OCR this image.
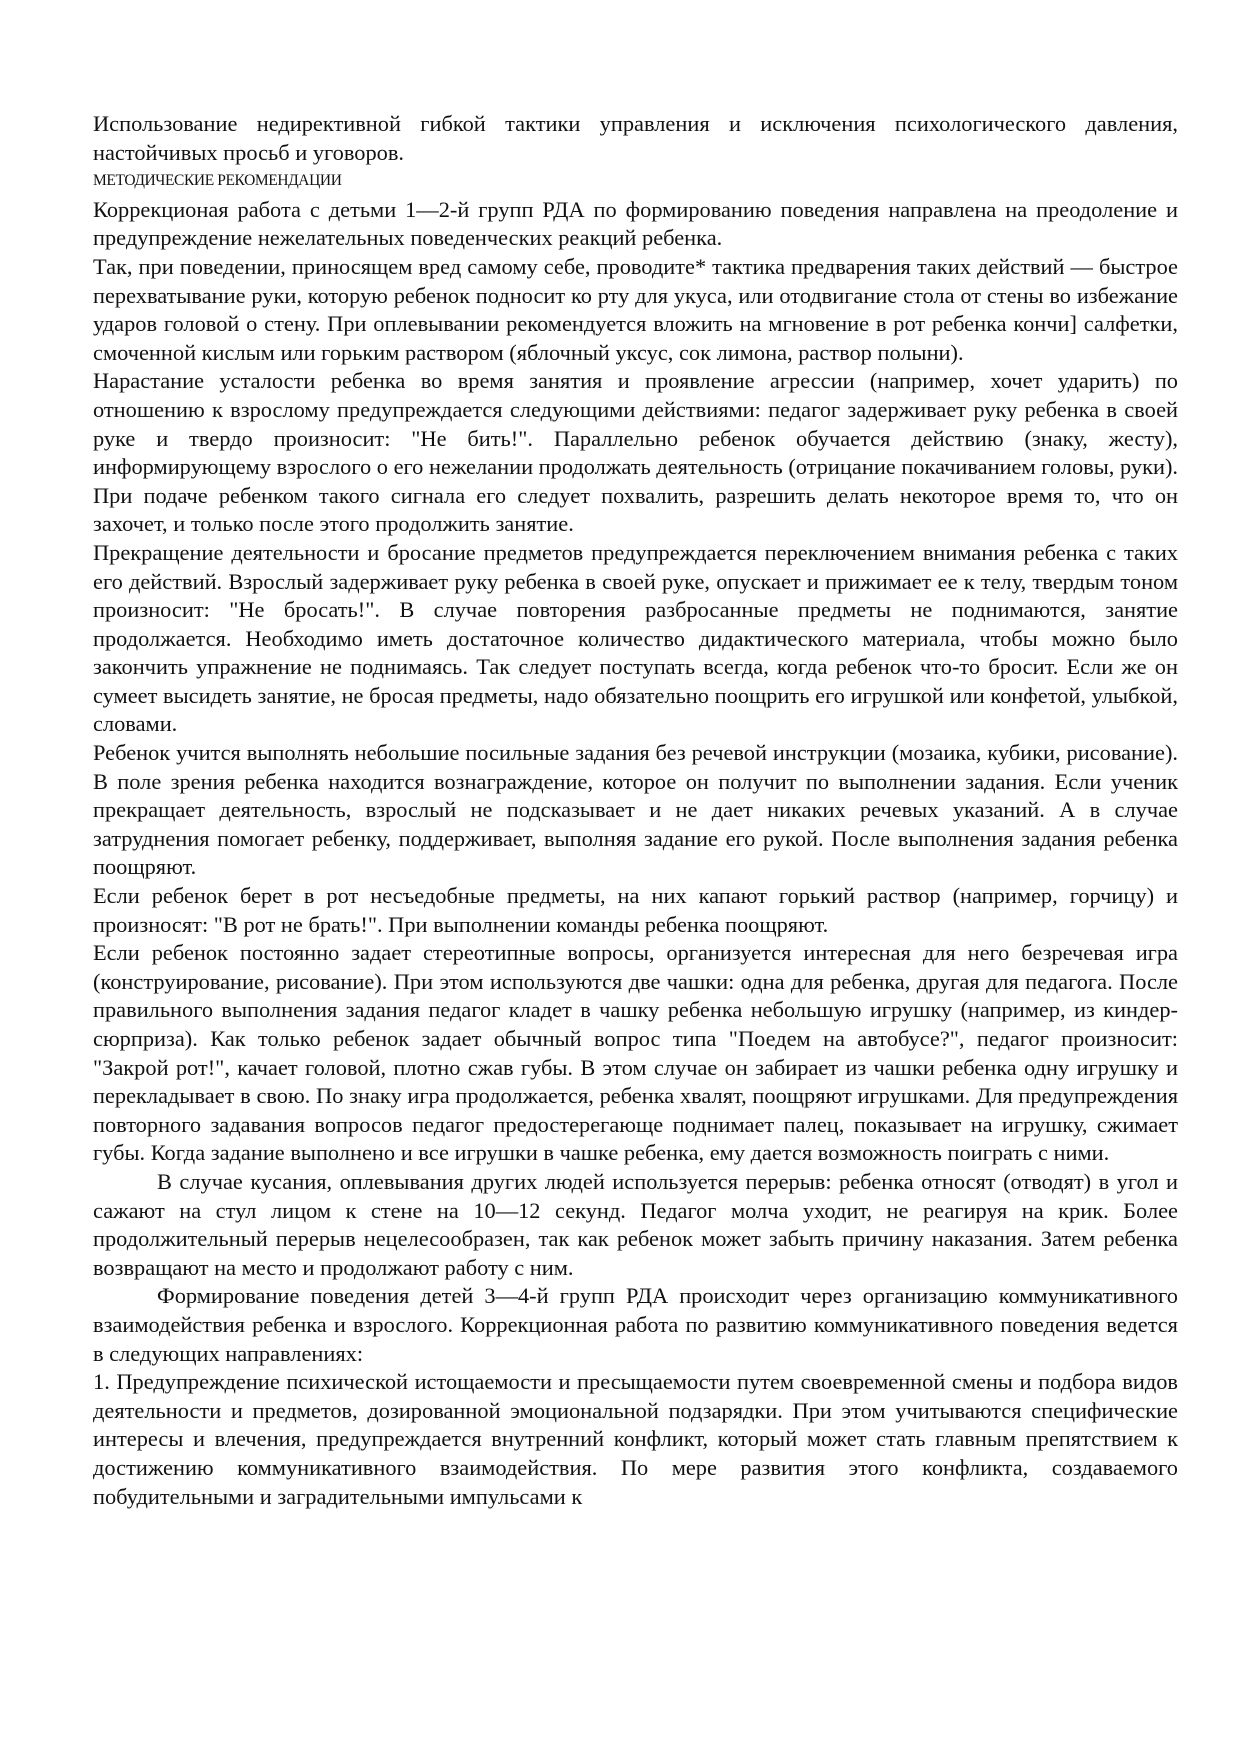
Использование недирективной гибкой тактики управления и исключения психологического давления, настойчивых просьб и уговоров.

МЕТОДИЧЕСКИЕ РЕКОМЕНДАЦИИ

Коррекционая работа с детьми 1—2-й групп РДА по формированию поведения направлена на преодоление и предупреждение нежелательных поведенческих реакций ребенка.

Так, при поведении, приносящем вред самому себе, проводите* тактика предварения таких действий — быстрое перехватывание руки, которую ребенок подносит ко рту для укуса, или отодвигание стола от стены во избежание ударов головой о стену. При оплевывании рекомендуется вложить на мгновение в рот ребенка кончи] салфетки, смоченной кислым или горьким раствором (яблочный уксус, сок лимона, раствор полыни).

Нарастание усталости ребенка во время занятия и проявление агрессии (например, хочет ударить) по отношению к взрослому предупреждается следующими действиями: педагог задерживает руку ребенка в своей руке и твердо произносит: "Не бить!". Параллельно ребенок обучается действию (знаку, жесту), информирующему взрослого о его нежелании продолжать деятельность (отрицание покачиванием головы, руки). При подаче ребенком такого сигнала его следует похвалить, разрешить делать некоторое время то, что он захочет, и только после этого продолжить занятие.

Прекращение деятельности и бросание предметов предупреждается переключением внимания ребенка с таких его действий. Взрослый задерживает руку ребенка в своей руке, опускает и прижимает ее к телу, твердым тоном произносит: "Не бросать!". В случае повторения разбросанные предметы не поднимаются, занятие продолжается. Необходимо иметь достаточное количество дидактического материала, чтобы можно было закончить упражнение не поднимаясь. Так следует поступать всегда, когда ребенок что-то бросит. Если же он сумеет высидеть занятие, не бросая предметы, надо обязательно поощрить его игрушкой или конфетой, улыбкой, словами.

Ребенок учится выполнять небольшие посильные задания без речевой инструкции (мозаика, кубики, рисование). В поле зрения ребенка находится вознаграждение, которое он получит по выполнении задания. Если ученик прекращает деятельность, взрослый не подсказывает и не дает никаких речевых указаний. А в случае затруднения помогает ребенку, поддерживает, выполняя задание его рукой. После выполнения задания ребенка поощряют.

Если ребенок берет в рот несъедобные предметы, на них капают горький раствор (например, горчицу) и произносят: "В рот не брать!". При выполнении команды ребенка поощряют.

Если ребенок постоянно задает стереотипные вопросы, организуется интересная для него безречевая игра (конструирование, рисование). При этом используются две чашки: одна для ребенка, другая для педагога. После правильного выполнения задания педагог кладет в чашку ребенка небольшую игрушку (например, из киндер-сюрприза). Как только ребенок задает обычный вопрос типа "Поедем на автобусе?", педагог произносит: "Закрой рот!", качает головой, плотно сжав губы. В этом случае он забирает из чашки ребенка одну игрушку и перекладывает в свою. По знаку игра продолжается, ребенка хвалят, поощряют игрушками. Для предупреждения повторного задавания вопросов педагог предостерегающе поднимает палец, показывает на игрушку, сжимает губы. Когда задание выполнено и все игрушки в чашке ребенка, ему дается возможность поиграть с ними.

В случае кусания, оплевывания других людей используется перерыв: ребенка относят (отводят) в угол и сажают на стул лицом к стене на 10—12 секунд. Педагог молча уходит, не реагируя на крик. Более продолжительный перерыв нецелесообразен, так как ребенок может забыть причину наказания. Затем ребенка возвращают на место и продолжают работу с ним.

Формирование поведения детей 3—4-й групп РДА происходит через организацию коммуникативного взаимодействия ребенка и взрослого. Коррекционная работа по развитию коммуникативного поведения ведется в следующих направлениях:

1. Предупреждение психической истощаемости и пресыщаемости путем своевременной смены и подбора видов деятельности и предметов, дозированной эмоциональной подзарядки. При этом учитываются специфические интересы и влечения, предупреждается внутренний конфликт, который может стать главным препятствием к достижению коммуникативного взаимодействия. По мере развития этого конфликта, создаваемого побудительными и заградительными импульсами к
